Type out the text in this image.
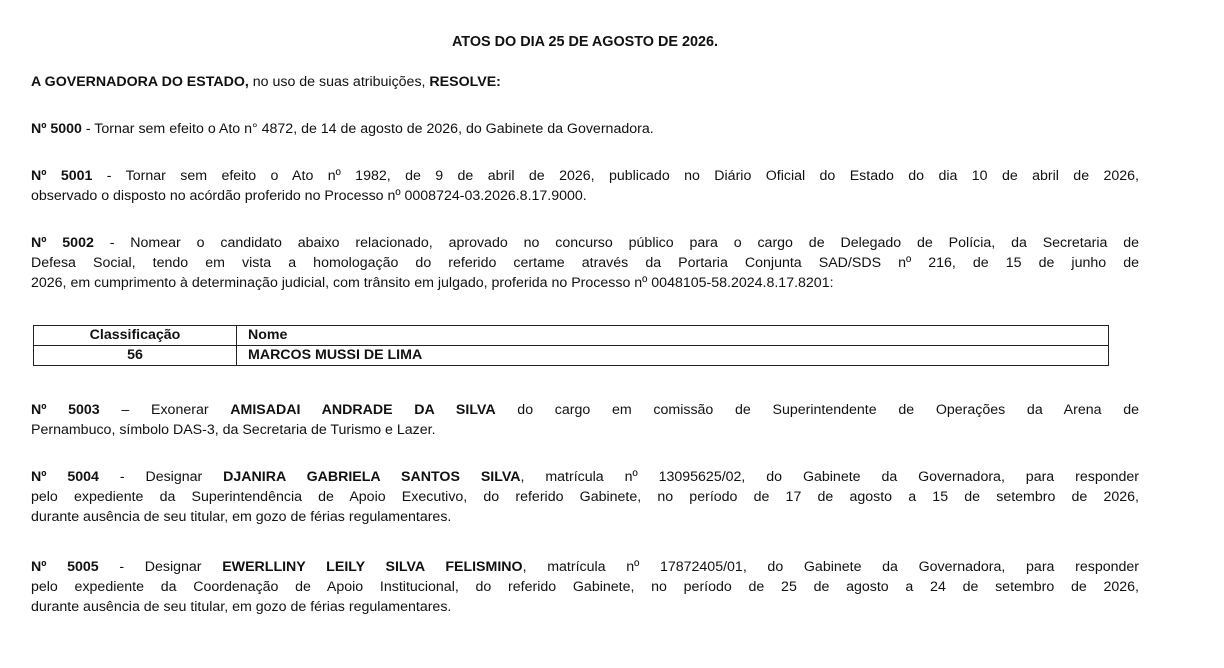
ATOS DO DIA 25 DE AGOSTO DE 2026.
A GOVERNADORA DO ESTADO, no uso de suas atribuições, RESOLVE:
Nº 5000 - Tornar sem efeito o Ato n° 4872, de 14 de agosto de 2026, do Gabinete da Governadora.
Nº 5001 - Tornar sem efeito o Ato nº 1982, de 9 de abril de 2026, publicado no Diário Oficial do Estado do dia 10 de abril de 2026,
observado o disposto no acórdão proferido no Processo nº 0008724-03.2026.8.17.9000.
Nº 5002 - Nomear o candidato abaixo relacionado, aprovado no concurso público para o cargo de Delegado de Polícia, da Secretaria de
Defesa Social, tendo em vista a homologação do referido certame através da Portaria Conjunta SAD/SDS nº 216, de 15 de junho de
2026, em cumprimento à determinação judicial, com trânsito em julgado, proferida no Processo nº 0048105-58.2024.8.17.8201:
Classificação	Nome
56	MARCOS MUSSI DE LIMA
Nº 5003 – Exonerar AMISADAI ANDRADE DA SILVA do cargo em comissão de Superintendente de Operações da Arena de
Pernambuco, símbolo DAS-3, da Secretaria de Turismo e Lazer.
Nº 5004 - Designar DJANIRA GABRIELA SANTOS SILVA, matrícula nº 13095625/02, do Gabinete da Governadora, para responder
pelo expediente da Superintendência de Apoio Executivo, do referido Gabinete, no período de 17 de agosto a 15 de setembro de 2026,
durante ausência de seu titular, em gozo de férias regulamentares.
Nº 5005 - Designar EWERLLINY LEILY SILVA FELISMINO, matrícula nº 17872405/01, do Gabinete da Governadora, para responder
pelo expediente da Coordenação de Apoio Institucional, do referido Gabinete, no período de 25 de agosto a 24 de setembro de 2026,
durante ausência de seu titular, em gozo de férias regulamentares.
